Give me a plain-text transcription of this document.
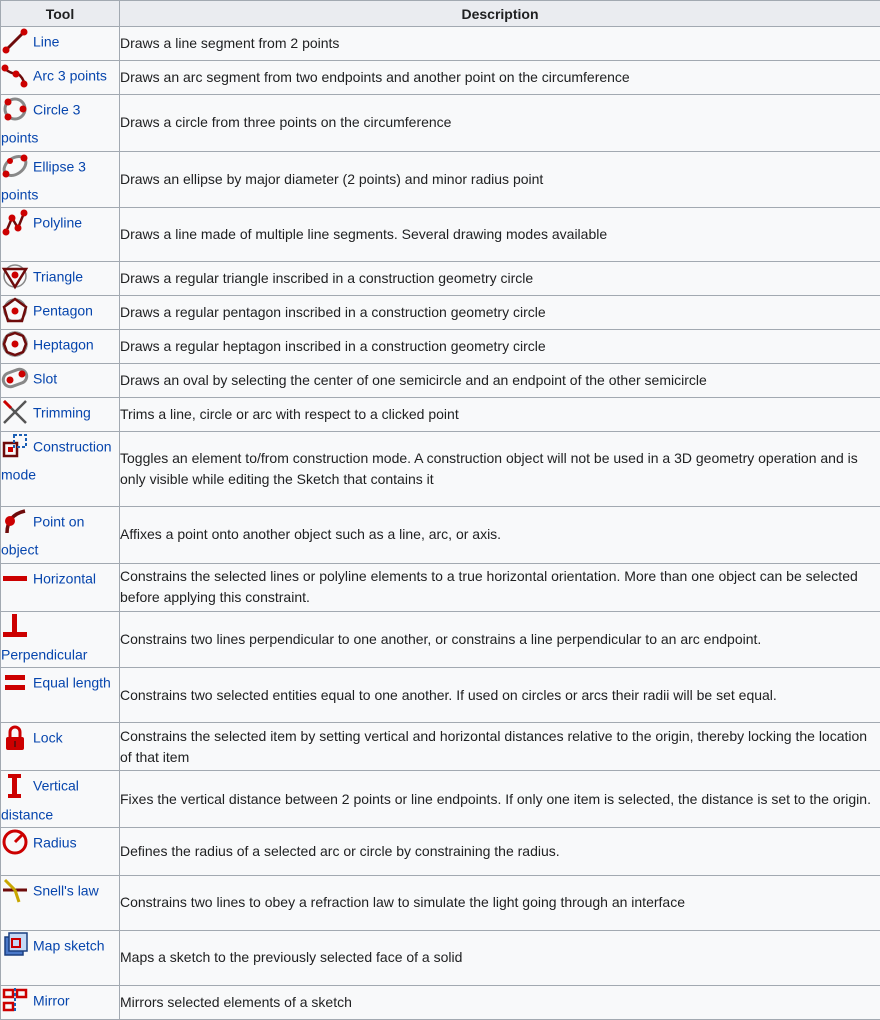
Tool	Description

Line	Draws a line segment from 2 points

Arc 3 points	Draws an arc segment from two endpoints and another point on the circumference

Circle 3 points	Draws a circle from three points on the circumference

Ellipse 3 points	Draws an ellipse by major diameter (2 points) and minor radius point

Polyline	Draws a line made of multiple line segments. Several drawing modes available

Triangle	Draws a regular triangle inscribed in a construction geometry circle

Pentagon	Draws a regular pentagon inscribed in a construction geometry circle

Heptagon	Draws a regular heptagon inscribed in a construction geometry circle

Slot	Draws an oval by selecting the center of one semicircle and an endpoint of the other semicircle

Trimming	Trims a line, circle or arc with respect to a clicked point

Construction mode	Toggles an element to/from construction mode. A construction object will not be used in a 3D geometry operation and is only visible while editing the Sketch that contains it

Point on object	Affixes a point onto another object such as a line, arc, or axis.

Horizontal	Constrains the selected lines or polyline elements to a true horizontal orientation. More than one object can be selected before applying this constraint.

Perpendicular	Constrains two lines perpendicular to one another, or constrains a line perpendicular to an arc endpoint.

Equal length	Constrains two selected entities equal to one another. If used on circles or arcs their radii will be set equal.

Lock	Constrains the selected item by setting vertical and horizontal distances relative to the origin, thereby locking the location of that item

Vertical distance	Fixes the vertical distance between 2 points or line endpoints. If only one item is selected, the distance is set to the origin.

Radius	Defines the radius of a selected arc or circle by constraining the radius.

Snell's law	Constrains two lines to obey a refraction law to simulate the light going through an interface

Map sketch	Maps a sketch to the previously selected face of a solid

Mirror	Mirrors selected elements of a sketch
